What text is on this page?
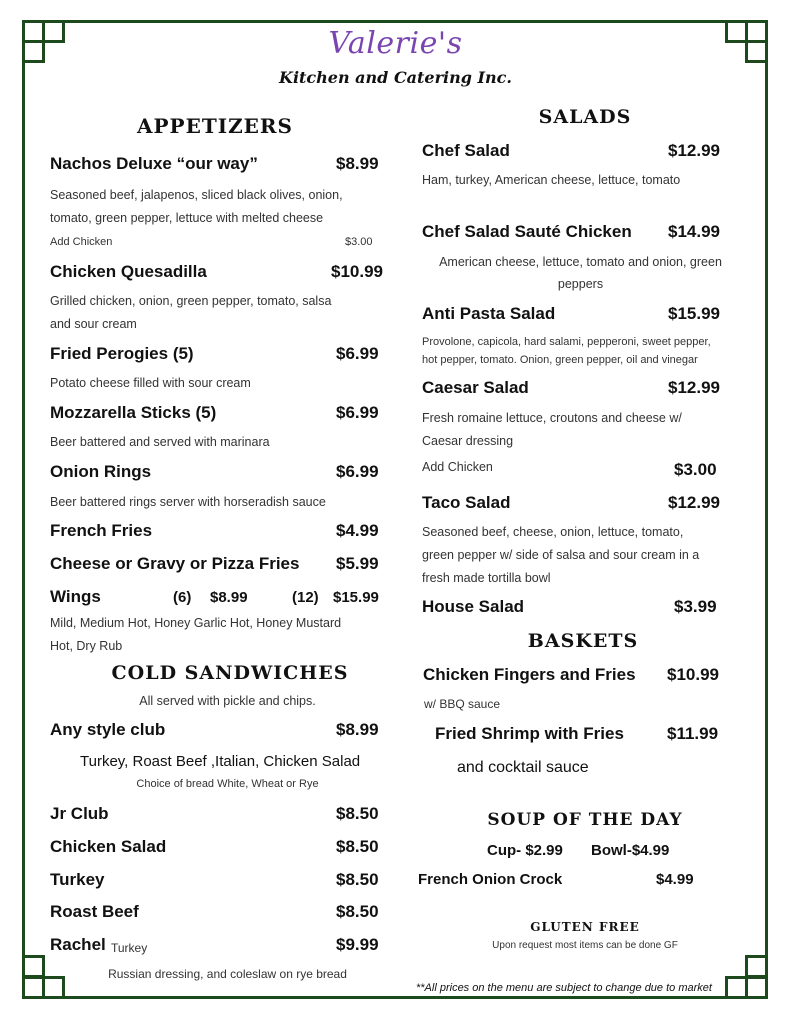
Valerie's
Kitchen and Catering Inc.
APPETIZERS
Nachos Deluxe “our way”	$8.99
Seasoned beef, jalapenos, sliced black olives, onion,
tomato, green pepper, lettuce with melted cheese
Add Chicken	$3.00
Chicken Quesadilla	$10.99
Grilled chicken, onion, green pepper, tomato, salsa
and sour cream
Fried Perogies (5)	$6.99
Potato cheese filled with sour cream
Mozzarella Sticks (5)	$6.99
Beer battered and served with marinara
Onion Rings	$6.99
Beer battered rings server with horseradish sauce
French Fries	$4.99
Cheese or Gravy or Pizza Fries $5.99
Wings	(6) $8.99	(12) $15.99
Mild, Medium Hot, Honey Garlic Hot, Honey Mustard
Hot, Dry Rub
COLD SANDWICHES
All served with pickle and chips.
Any style club	$8.99
Turkey, Roast Beef ,Italian, Chicken Salad
Choice of bread White, Wheat or Rye
Jr Club	$8.50
Chicken Salad	$8.50
Turkey	$8.50
Roast Beef	$8.50
Rachel Turkey	$9.99
Russian dressing, and coleslaw on rye bread
SALADS
Chef Salad	$12.99
Ham, turkey, American cheese, lettuce, tomato
Chef Salad Sauté Chicken $14.99
American cheese, lettuce, tomato and onion, green
peppers
Anti Pasta Salad	$15.99
Provolone, capicola, hard salami, pepperoni, sweet pepper,
hot pepper, tomato. Onion, green pepper, oil and vinegar
Caesar Salad	$12.99
Fresh romaine lettuce, croutons and cheese w/
Caesar dressing
Add Chicken	$3.00
Taco Salad	$12.99
Seasoned beef, cheese, onion, lettuce, tomato,
green pepper w/ side of salsa and sour cream in a
fresh made tortilla bowl
House Salad	$3.99
BASKETS
Chicken Fingers and Fries $10.99
w/ BBQ sauce
Fried Shrimp with Fries	$11.99
and cocktail sauce
SOUP OF THE DAY
Cup- $2.99 Bowl-$4.99
French Onion Crock	$4.99
GLUTEN FREE
Upon request most items can be done GF
**All prices on the menu are subject to change due to market
